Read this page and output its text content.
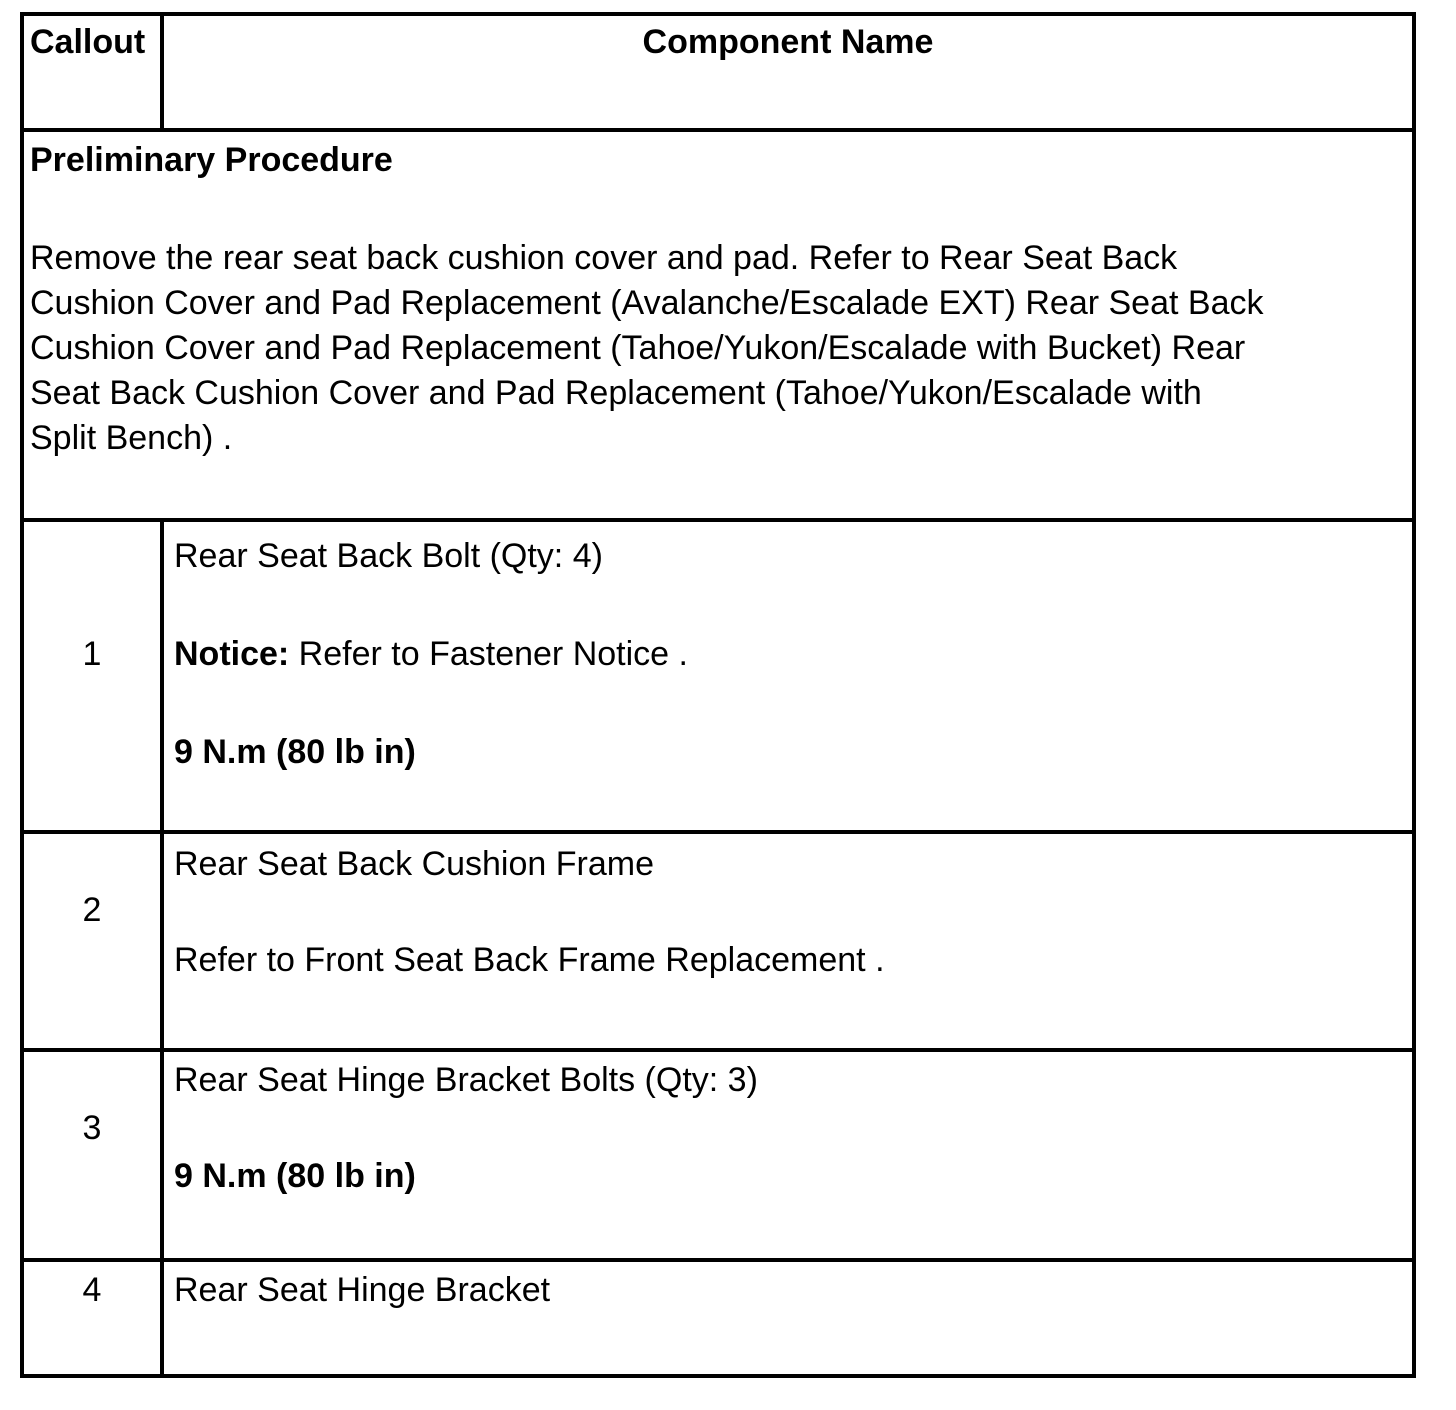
Callout	Component Name
Preliminary Procedure
Remove the rear seat back cushion cover and pad. Refer to Rear Seat Back
Cushion Cover and Pad Replacement (Avalanche/Escalade EXT) Rear Seat Back
Cushion Cover and Pad Replacement (Tahoe/Yukon/Escalade with Bucket) Rear
Seat Back Cushion Cover and Pad Replacement (Tahoe/Yukon/Escalade with
Split Bench) .
1
Rear Seat Back Bolt (Qty: 4)
Notice: Refer to Fastener Notice .
9 N.m (80 lb in)
2
Rear Seat Back Cushion Frame
Refer to Front Seat Back Frame Replacement .
3
Rear Seat Hinge Bracket Bolts (Qty: 3)
9 N.m (80 lb in)
4	Rear Seat Hinge Bracket
